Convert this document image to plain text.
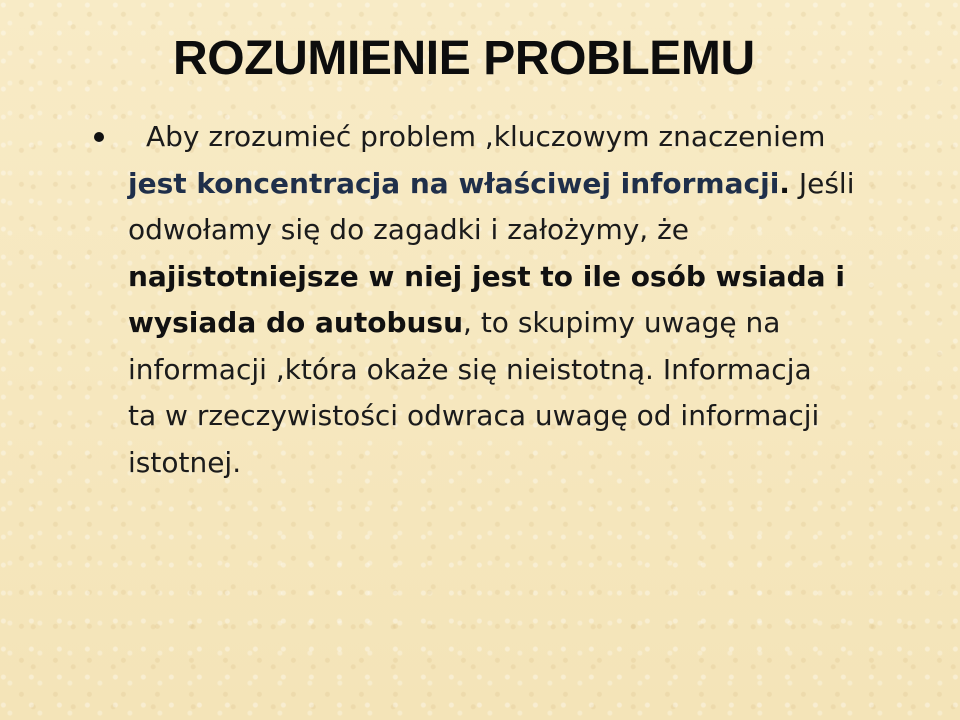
ROZUMIENIE PROBLEMU

Aby zrozumieć problem ,kluczowym znaczeniem
jest koncentracja na właściwej informacji. Jeśli
odwołamy się do zagadki i założymy, że
najistotniejsze w niej jest to ile osób wsiada i
wysiada do autobusu, to skupimy uwagę na
informacji ,która okaże się nieistotną. Informacja
ta w rzeczywistości odwraca uwagę od informacji
istotnej.
